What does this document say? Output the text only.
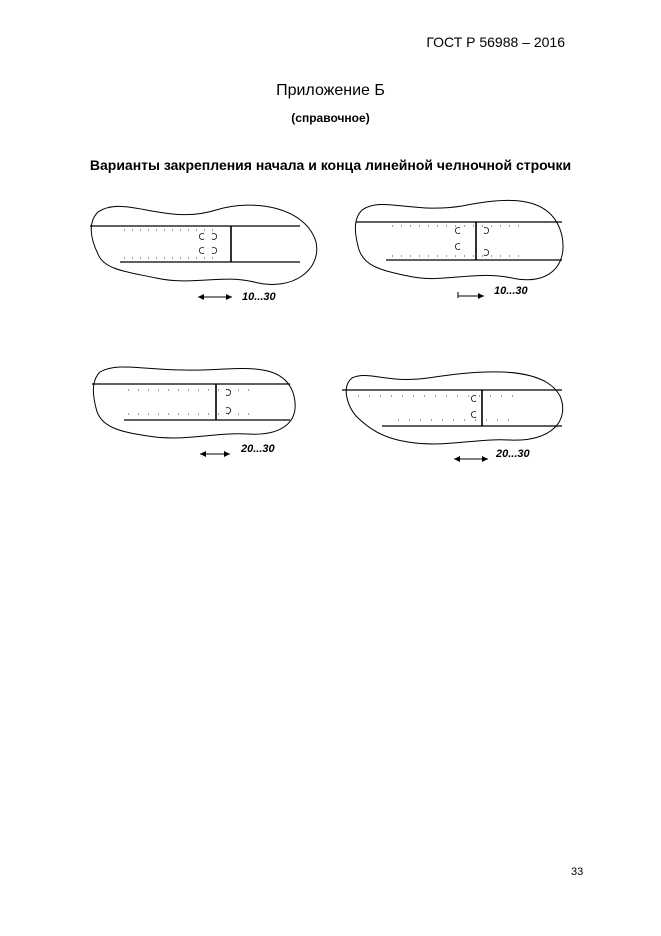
ГОСТ Р 56988 – 2016
Приложение Б
(справочное)
Варианты закрепления начала и конца линейной челночной строчки
10...30	10...30
20...30	20...30
33
